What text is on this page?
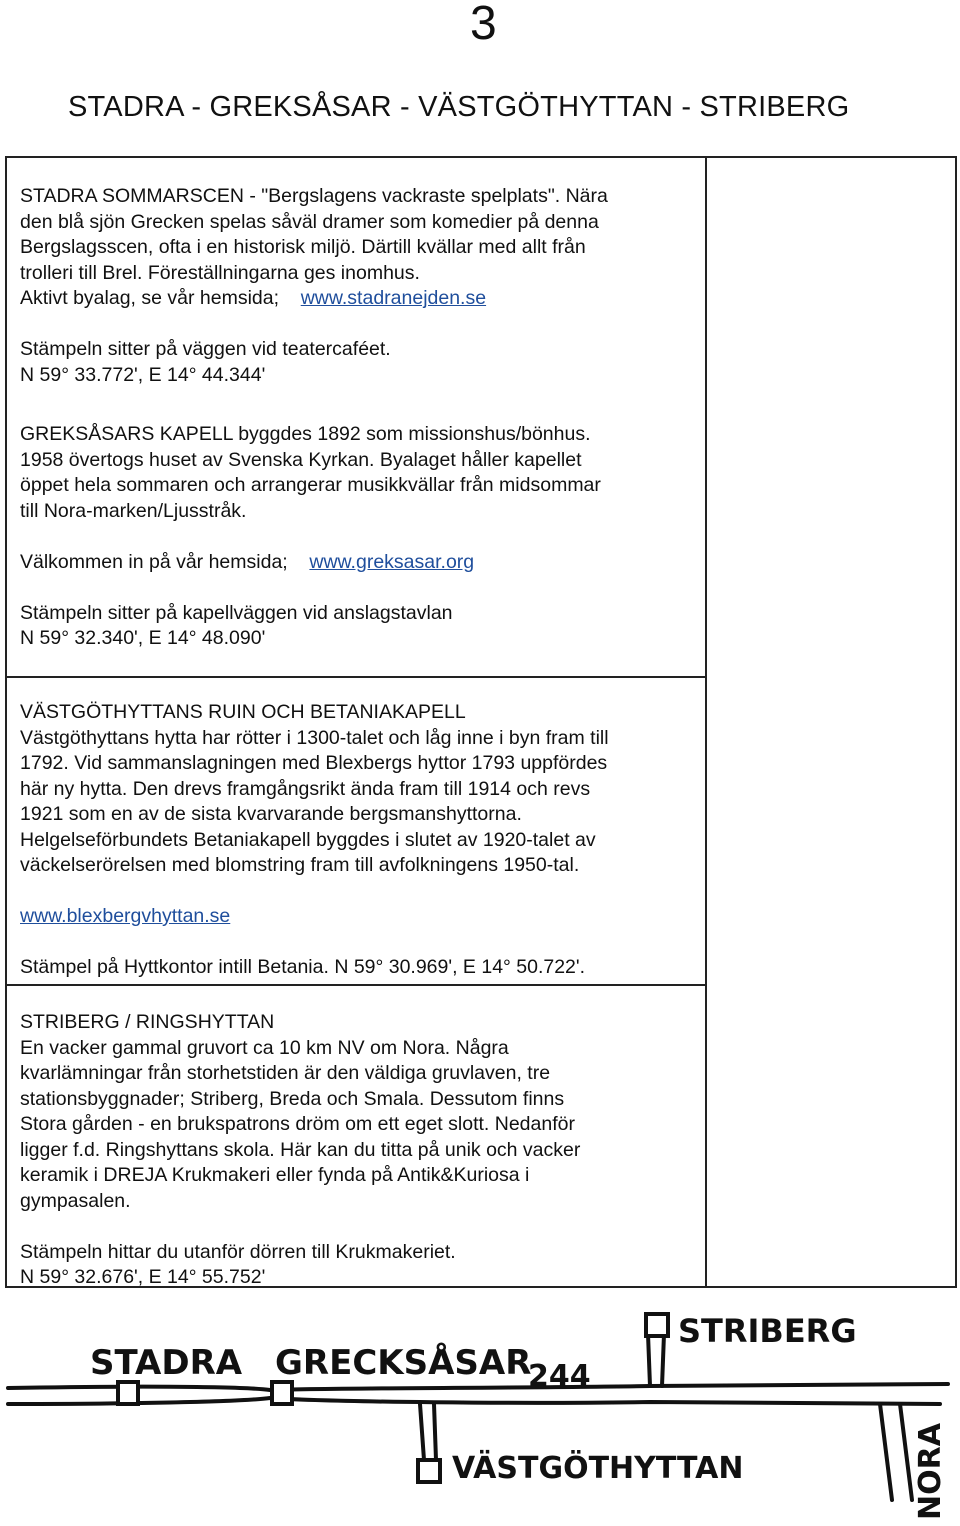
3
STADRA - GREKSÅSAR - VÄSTGÖTHYTTAN - STRIBERG

STADRA SOMMARSCEN - "Bergslagens vackraste spelplats". Nära

den blå sjön Grecken spelas såväl dramer som komedier på denna

Bergslagsscen, ofta i en historisk miljö. Därtill kvällar med allt från

trolleri till Brel. Föreställningarna ges inomhus.

Aktivt byalag, se vår hemsida; www.stadranejden.se

Stämpeln sitter på väggen vid teatercaféet.

N 59° 33.772', E 14° 44.344'

GREKSÅSARS KAPELL byggdes 1892 som missionshus/bönhus.

1958 övertogs huset av Svenska Kyrkan. Byalaget håller kapellet

öppet hela sommaren och arrangerar musikkvällar från midsommar

till Nora-marken/Ljusstråk.

Välkommen in på vår hemsida; www.greksasar.org

Stämpeln sitter på kapellväggen vid anslagstavlan

N 59° 32.340', E 14° 48.090'

VÄSTGÖTHYTTANS RUIN OCH BETANIAKAPELL

Västgöthyttans hytta har rötter i 1300-talet och låg inne i byn fram till

1792. Vid sammanslagningen med Blexbergs hyttor 1793 uppfördes

här ny hytta. Den drevs framgångsrikt ända fram till 1914 och revs

1921 som en av de sista kvarvarande bergsmanshyttorna.

Helgelseförbundets Betaniakapell byggdes i slutet av 1920-talet av

väckelserörelsen med blomstring fram till avfolkningens 1950-tal.

www.blexbergvhyttan.se

Stämpel på Hyttkontor intill Betania. N 59° 30.969', E 14° 50.722'.

STRIBERG / RINGSHYTTAN

En vacker gammal gruvort ca 10 km NV om Nora. Några

kvarlämningar från storhetstiden är den väldiga gruvlaven, tre

stationsbyggnader; Striberg, Breda och Smala. Dessutom finns

Stora gården - en brukspatrons dröm om ett eget slott. Nedanför

ligger f.d. Ringshyttans skola. Här kan du titta på unik och vacker

keramik i DREJA Krukmakeri eller fynda på Antik&Kuriosa i

gympasalen.

Stämpeln hittar du utanför dörren till Krukmakeriet.

N 59° 32.676', E 14° 55.752'

STADRA GRECKSÅSAR
244
STRIBERG
VÄSTGÖTHYTTAN	NORA
